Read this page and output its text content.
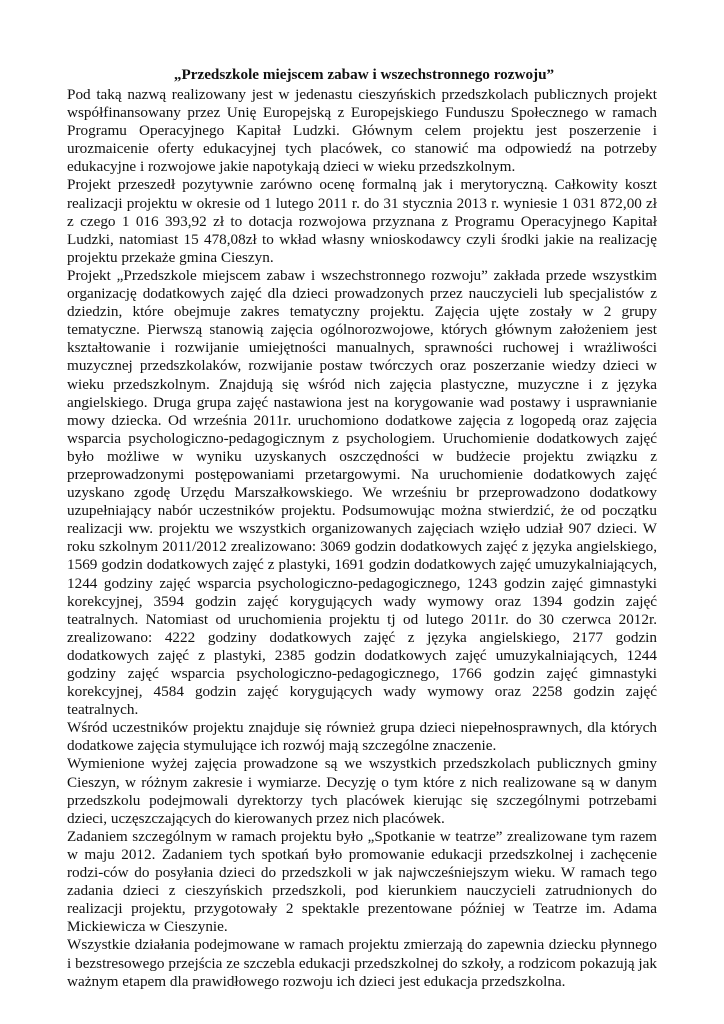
„Przedszkole miejscem zabaw i wszechstronnego rozwoju”

Pod taką nazwą realizowany jest w jedenastu cieszyńskich przedszkolach publicznych projekt współfinansowany przez Unię Europejską z Europejskiego Funduszu Społecznego w ramach Programu Operacyjnego Kapitał Ludzki. Głównym celem projektu jest poszerzenie i urozmaicenie oferty edukacyjnej tych placówek, co stanowić ma odpowiedź na potrzeby edukacyjne i rozwojowe jakie napotykają dzieci w wieku przedszkolnym.

Projekt przeszedł pozytywnie zarówno ocenę formalną jak i merytoryczną. Całkowity koszt realizacji projektu w okresie od 1 lutego 2011 r. do 31 stycznia 2013 r. wyniesie 1 031 872,00 zł z czego 1 016 393,92 zł to dotacja rozwojowa przyznana z Programu Operacyjnego Kapitał Ludzki, natomiast 15 478,08zł to wkład własny wnioskodawcy czyli środki jakie na realizację projektu przekaże gmina Cieszyn.

Projekt „Przedszkole miejscem zabaw i wszechstronnego rozwoju” zakłada przede wszystkim organizację dodatkowych zajęć dla dzieci prowadzonych przez nauczycieli lub specjalistów z dziedzin, które obejmuje zakres tematyczny projektu. Zajęcia ujęte zostały w 2 grupy tematyczne. Pierwszą stanowią zajęcia ogólnorozwojowe, których głównym założeniem jest kształtowanie i rozwijanie umiejętności manualnych, sprawności ruchowej i wrażliwości muzycznej przedszkolaków, rozwijanie postaw twórczych oraz poszerzanie wiedzy dzieci w wieku przedszkolnym. Znajdują się wśród nich zajęcia plastyczne, muzyczne i z języka angielskiego. Druga grupa zajęć nastawiona jest na korygowanie wad postawy i usprawnianie mowy dziecka. Od września 2011r. uruchomiono dodatkowe zajęcia z logopedą oraz zajęcia wsparcia psychologiczno-pedagogicznym z psychologiem. Uruchomienie dodatkowych zajęć było możliwe w wyniku uzyskanych oszczędności w budżecie projektu związku z przeprowadzonymi postępowaniami przetargowymi. Na uruchomienie dodatkowych zajęć uzyskano zgodę Urzędu Marszałkowskiego. We wrześniu br przeprowadzono dodatkowy uzupełniający nabór uczestników projektu. Podsumowując można stwierdzić, że od początku realizacji ww. projektu we wszystkich organizowanych zajęciach wzięło udział 907 dzieci. W roku szkolnym 2011/2012 zrealizowano: 3069 godzin dodatkowych zajęć z języka angielskiego, 1569 godzin dodatkowych zajęć z plastyki, 1691 godzin dodatkowych zajęć umuzykalniających, 1244 godziny zajęć wsparcia psychologiczno-pedagogicznego, 1243 godzin zajęć gimnastyki korekcyjnej, 3594 godzin zajęć korygujących wady wymowy oraz 1394 godzin zajęć teatralnych. Natomiast od uruchomienia projektu tj od lutego 2011r. do 30 czerwca 2012r. zrealizowano: 4222 godziny dodatkowych zajęć z języka angielskiego, 2177 godzin dodatkowych zajęć z plastyki, 2385 godzin dodatkowych zajęć umuzykalniających, 1244 godziny zajęć wsparcia psychologiczno-pedagogicznego, 1766 godzin zajęć gimnastyki korekcyjnej, 4584 godzin zajęć korygujących wady wymowy oraz 2258 godzin zajęć teatralnych.

Wśród uczestników projektu znajduje się również grupa dzieci niepełnosprawnych, dla których dodatkowe zajęcia stymulujące ich rozwój mają szczególne znaczenie.

Wymienione wyżej zajęcia prowadzone są we wszystkich przedszkolach publicznych gminy Cieszyn, w różnym zakresie i wymiarze. Decyzję o tym które z nich realizowane są w danym przedszkolu podejmowali dyrektorzy tych placówek kierując się szczególnymi potrzebami dzieci, uczęszczających do kierowanych przez nich placówek.

Zadaniem szczególnym w ramach projektu było „Spotkanie w teatrze” zrealizowane tym razem w maju 2012. Zadaniem tych spotkań było promowanie edukacji przedszkolnej i zachęcenie rodzi-ców do posyłania dzieci do przedszkoli w jak najwcześniejszym wieku. W ramach tego zadania dzieci z cieszyńskich przedszkoli, pod kierunkiem nauczycieli zatrudnionych do realizacji projektu, przygotowały 2 spektakle prezentowane później w Teatrze im. Adama Mickiewicza w Cieszynie.

Wszystkie działania podejmowane w ramach projektu zmierzają do zapewnia dziecku płynnego i bezstresowego przejścia ze szczebla edukacji przedszkolnej do szkoły, a rodzicom pokazują jak ważnym etapem dla prawidłowego rozwoju ich dzieci jest edukacja przedszkolna.
